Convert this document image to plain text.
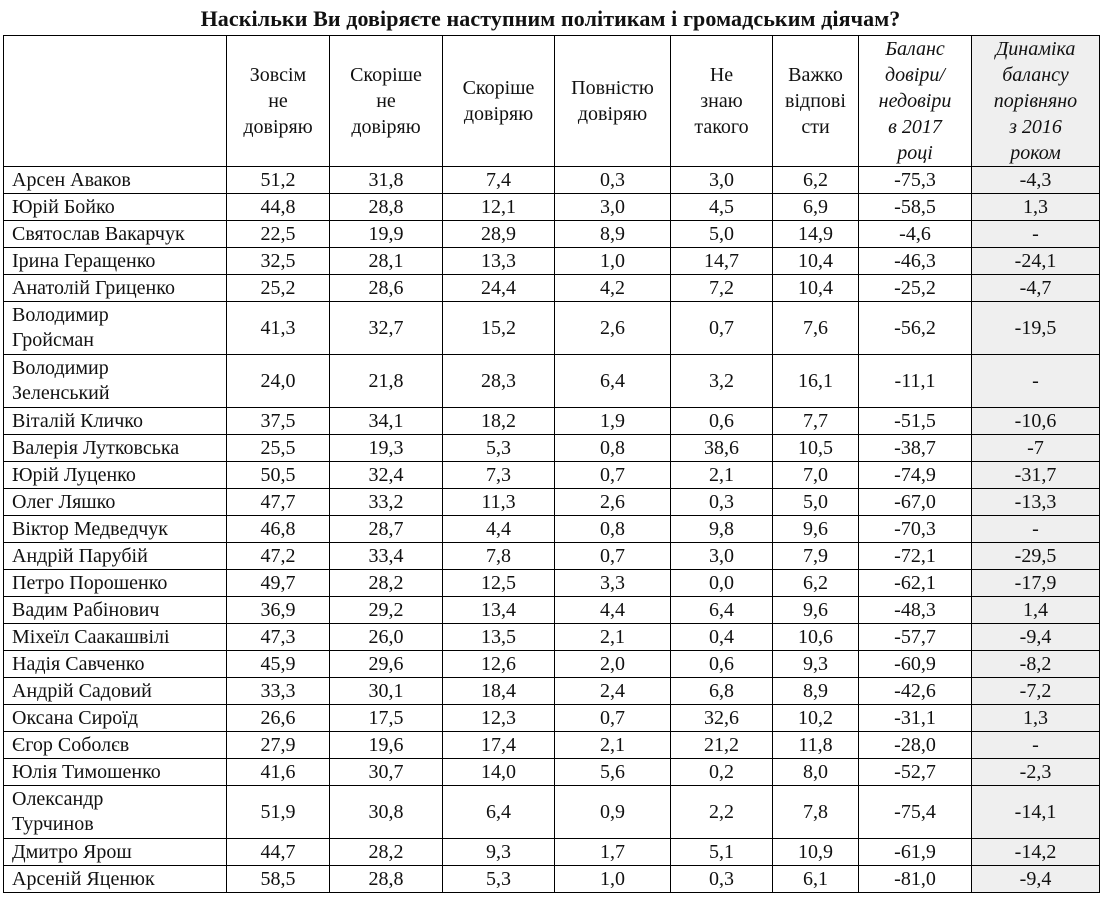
Наскільки Ви довіряєте наступним політикам і громадським діячам?
	Зовсім
не
довіряю	Скоріше
не
довіряю	Скоріше
довіряю	Повністю
довіряю	Не
знаю
такого	Важко
відпові
сти	Баланс
довіри/
недовіри
в 2017
році	Динаміка
балансу
порівняно
з 2016
роком
Арсен Аваков	51,2	31,8	7,4	0,3	3,0	6,2	-75,3	-4,3
Юрій Бойко	44,8	28,8	12,1	3,0	4,5	6,9	-58,5	1,3
Святослав Вакарчук	22,5	19,9	28,9	8,9	5,0	14,9	-4,6	-
Ірина Геращенко	32,5	28,1	13,3	1,0	14,7	10,4	-46,3	-24,1
Анатолій Гриценко	25,2	28,6	24,4	4,2	7,2	10,4	-25,2	-4,7
Володимир
Гройсман	41,3	32,7	15,2	2,6	0,7	7,6	-56,2	-19,5
Володимир
Зеленський	24,0	21,8	28,3	6,4	3,2	16,1	-11,1	-
Віталій Кличко	37,5	34,1	18,2	1,9	0,6	7,7	-51,5	-10,6
Валерія Лутковська	25,5	19,3	5,3	0,8	38,6	10,5	-38,7	-7
Юрій Луценко	50,5	32,4	7,3	0,7	2,1	7,0	-74,9	-31,7
Олег Ляшко	47,7	33,2	11,3	2,6	0,3	5,0	-67,0	-13,3
Віктор Медведчук	46,8	28,7	4,4	0,8	9,8	9,6	-70,3	-
Андрій Парубій	47,2	33,4	7,8	0,7	3,0	7,9	-72,1	-29,5
Петро Порошенко	49,7	28,2	12,5	3,3	0,0	6,2	-62,1	-17,9
Вадим Рабінович	36,9	29,2	13,4	4,4	6,4	9,6	-48,3	1,4
Міхеїл Саакашвілі	47,3	26,0	13,5	2,1	0,4	10,6	-57,7	-9,4
Надія Савченко	45,9	29,6	12,6	2,0	0,6	9,3	-60,9	-8,2
Андрій Садовий	33,3	30,1	18,4	2,4	6,8	8,9	-42,6	-7,2
Оксана Сироїд	26,6	17,5	12,3	0,7	32,6	10,2	-31,1	1,3
Єгор Соболєв	27,9	19,6	17,4	2,1	21,2	11,8	-28,0	-
Юлія Тимошенко	41,6	30,7	14,0	5,6	0,2	8,0	-52,7	-2,3
Олександр
Турчинов	51,9	30,8	6,4	0,9	2,2	7,8	-75,4	-14,1
Дмитро Ярош	44,7	28,2	9,3	1,7	5,1	10,9	-61,9	-14,2
Арсеній Яценюк	58,5	28,8	5,3	1,0	0,3	6,1	-81,0	-9,4
